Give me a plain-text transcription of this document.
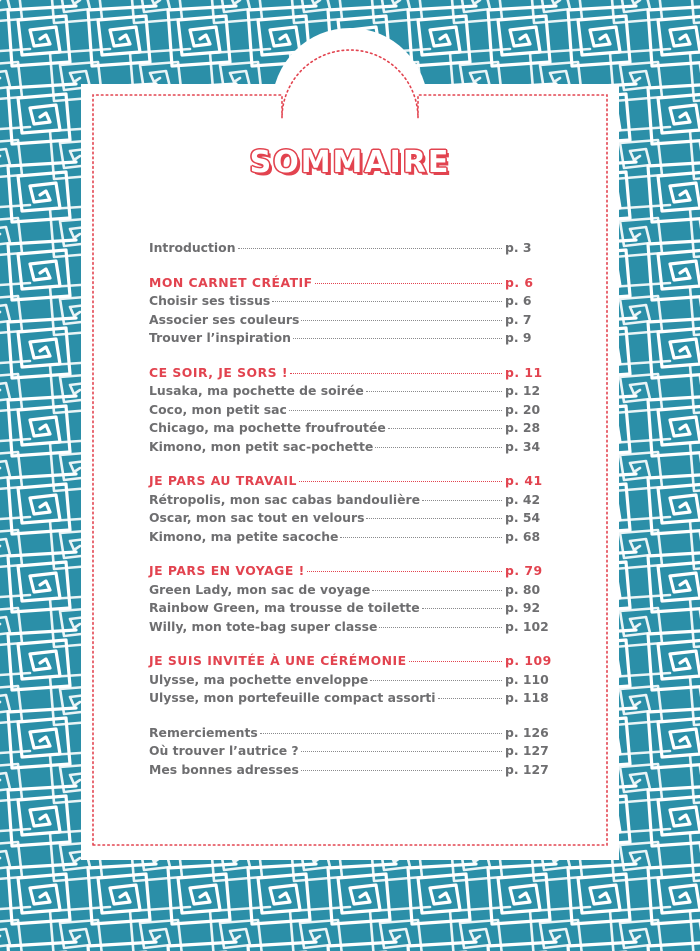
SOMMAIRE
Introduction	p. 3
MON CARNET CRÉATIF	p. 6
Choisir ses tissus	p. 6
Associer ses couleurs	p. 7
Trouver l’inspiration	p. 9
CE SOIR, JE SORS !	p. 11
Lusaka, ma pochette de soirée	p. 12
Coco, mon petit sac	p. 20
Chicago, ma pochette froufroutée	p. 28
Kimono, mon petit sac-pochette	p. 34
JE PARS AU TRAVAIL	p. 41
Rétropolis, mon sac cabas bandoulière	p. 42
Oscar, mon sac tout en velours	p. 54
Kimono, ma petite sacoche	p. 68
JE PARS EN VOYAGE !	p. 79
Green Lady, mon sac de voyage	p. 80
Rainbow Green, ma trousse de toilette	p. 92
Willy, mon tote-bag super classe	p. 102
JE SUIS INVITÉE À UNE CÉRÉMONIE	p. 109
Ulysse, ma pochette enveloppe	p. 110
Ulysse, mon portefeuille compact assorti	p. 118
Remerciements	p. 126
Où trouver l’autrice ?	p. 127
Mes bonnes adresses	p. 127
